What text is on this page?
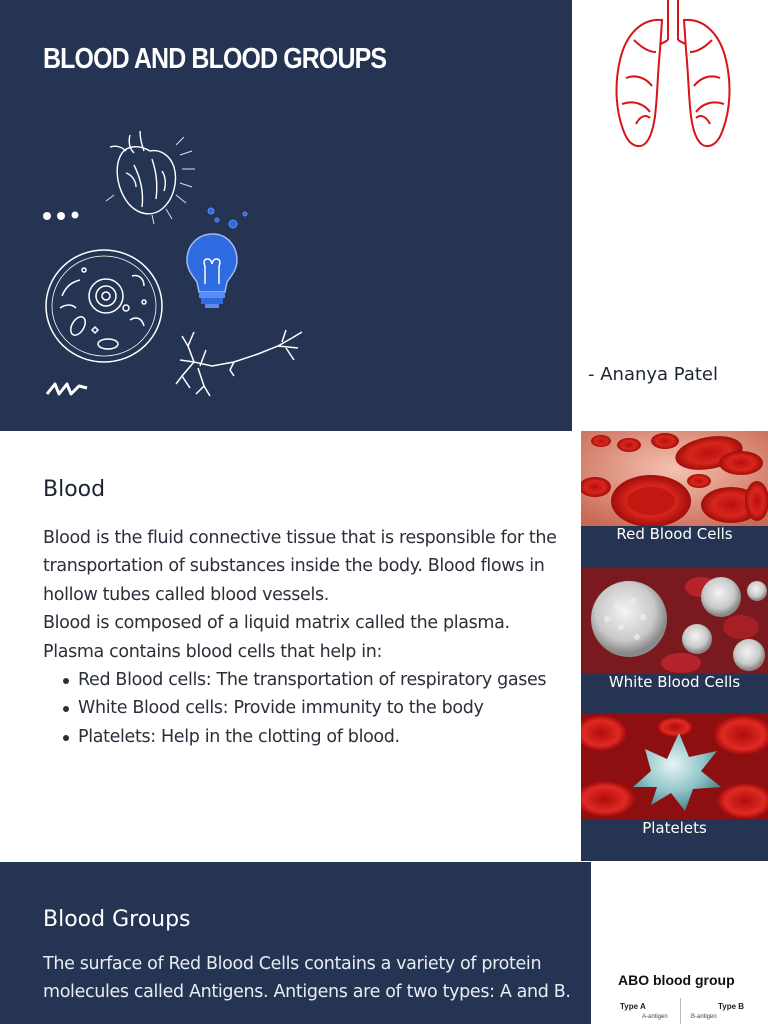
BLOOD AND BLOOD GROUPS
- Ananya Patel
Blood

Blood is the fluid connective tissue that is responsible for the transportation of substances inside the body. Blood flows in hollow tubes called blood vessels.

Blood is composed of a liquid matrix called the plasma.

Plasma contains blood cells that help in:

Red Blood cells: The transportation of respiratory gases
White Blood cells: Provide immunity to the body
Platelets: Help in the clotting of blood.
Red Blood Cells
White Blood Cells
Platelets
Blood Groups
The surface of Red Blood Cells contains a variety of protein molecules called Antigens. Antigens are of two types: A and B.
ABO blood group
Type A	Type B
A-antigen	B-antigen
